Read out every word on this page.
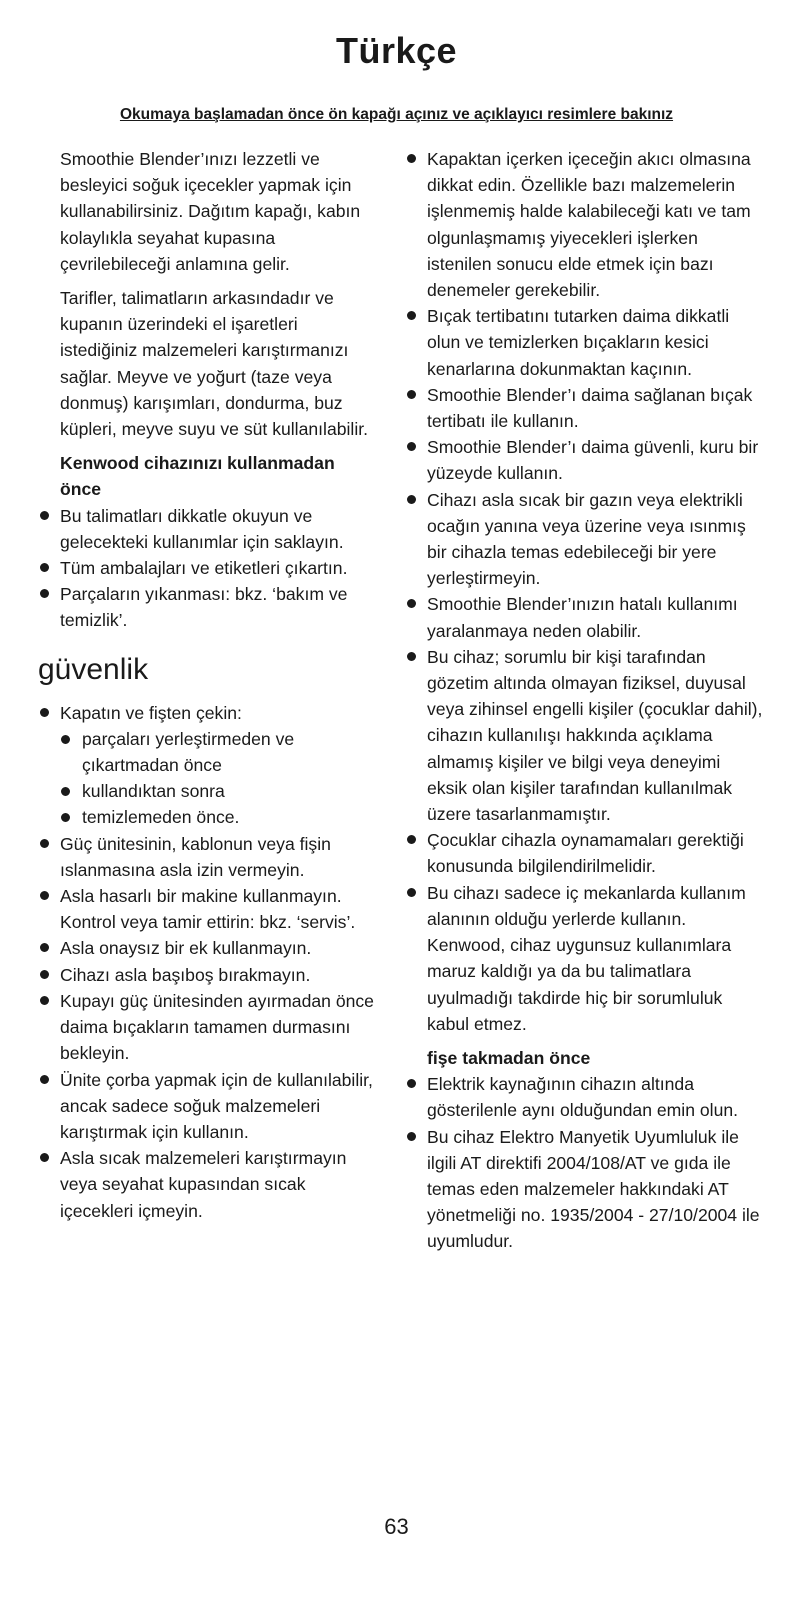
Türkçe
Okumaya başlamadan önce ön kapağı açınız ve açıklayıcı resimlere bakınız

Smoothie Blender’ınızı lezzetli ve besleyici soğuk içecekler yapmak için kullanabilirsiniz. Dağıtım kapağı, kabın kolaylıkla seyahat kupasına çevrilebileceği anlamına gelir.

Tarifler, talimatların arkasındadır ve kupanın üzerindeki el işaretleri istediğiniz malzemeleri karıştırmanızı sağlar. Meyve ve yoğurt (taze veya donmuş) karışımları, dondurma, buz küpleri, meyve suyu ve süt kullanılabilir.

Kenwood cihazınızı kullanmadan önce

Bu talimatları dikkatle okuyun ve gelecekteki kullanımlar için saklayın.
Tüm ambalajları ve etiketleri çıkartın.
Parçaların yıkanması: bkz. ‘bakım ve temizlik’.
güvenlik
Kapatın ve fişten çekin:
parçaları yerleştirmeden ve çıkartmadan önce
kullandıktan sonra
temizlemeden önce.
Güç ünitesinin, kablonun veya fişin ıslanmasına asla izin vermeyin.
Asla hasarlı bir makine kullanmayın. Kontrol veya tamir ettirin: bkz. ‘servis’.
Asla onaysız bir ek kullanmayın.
Cihazı asla başıboş bırakmayın.
Kupayı güç ünitesinden ayırmadan önce daima bıçakların tamamen durmasını bekleyin.
Ünite çorba yapmak için de kullanılabilir, ancak sadece soğuk malzemeleri karıştırmak için kullanın.
Asla sıcak malzemeleri karıştırmayın veya seyahat kupasından sıcak içecekleri içmeyin.
Kapaktan içerken içeceğin akıcı olmasına dikkat edin. Özellikle bazı malzemelerin işlenmemiş halde kalabileceği katı ve tam olgunlaşmamış yiyecekleri işlerken istenilen sonucu elde etmek için bazı denemeler gerekebilir.
Bıçak tertibatını tutarken daima dikkatli olun ve temizlerken bıçakların kesici kenarlarına dokunmaktan kaçının.
Smoothie Blender’ı daima sağlanan bıçak tertibatı ile kullanın.
Smoothie Blender’ı daima güvenli, kuru bir yüzeyde kullanın.
Cihazı asla sıcak bir gazın veya elektrikli ocağın yanına veya üzerine veya ısınmış bir cihazla temas edebileceği bir yere yerleştirmeyin.
Smoothie Blender’ınızın hatalı kullanımı yaralanmaya neden olabilir.
Bu cihaz; sorumlu bir kişi tarafından gözetim altında olmayan fiziksel, duyusal veya zihinsel engelli kişiler (çocuklar dahil), cihazın kullanılışı hakkında açıklama almamış kişiler ve bilgi veya deneyimi eksik olan kişiler tarafından kullanılmak üzere tasarlanmamıştır.
Çocuklar cihazla oynamamaları gerektiği konusunda bilgilendirilmelidir.
Bu cihazı sadece iç mekanlarda kullanım alanının olduğu yerlerde kullanın. Kenwood, cihaz uygunsuz kullanımlara maruz kaldığı ya da bu talimatlara uyulmadığı takdirde hiç bir sorumluluk kabul etmez.

fişe takmadan önce

Elektrik kaynağının cihazın altında gösterilenle aynı olduğundan emin olun.
Bu cihaz Elektro Manyetik Uyumluluk ile ilgili AT direktifi 2004/108/AT ve gıda ile temas eden malzemeler hakkındaki AT yönetmeliği no. 1935/2004 - 27/10/2004 ile uyumludur.
63
